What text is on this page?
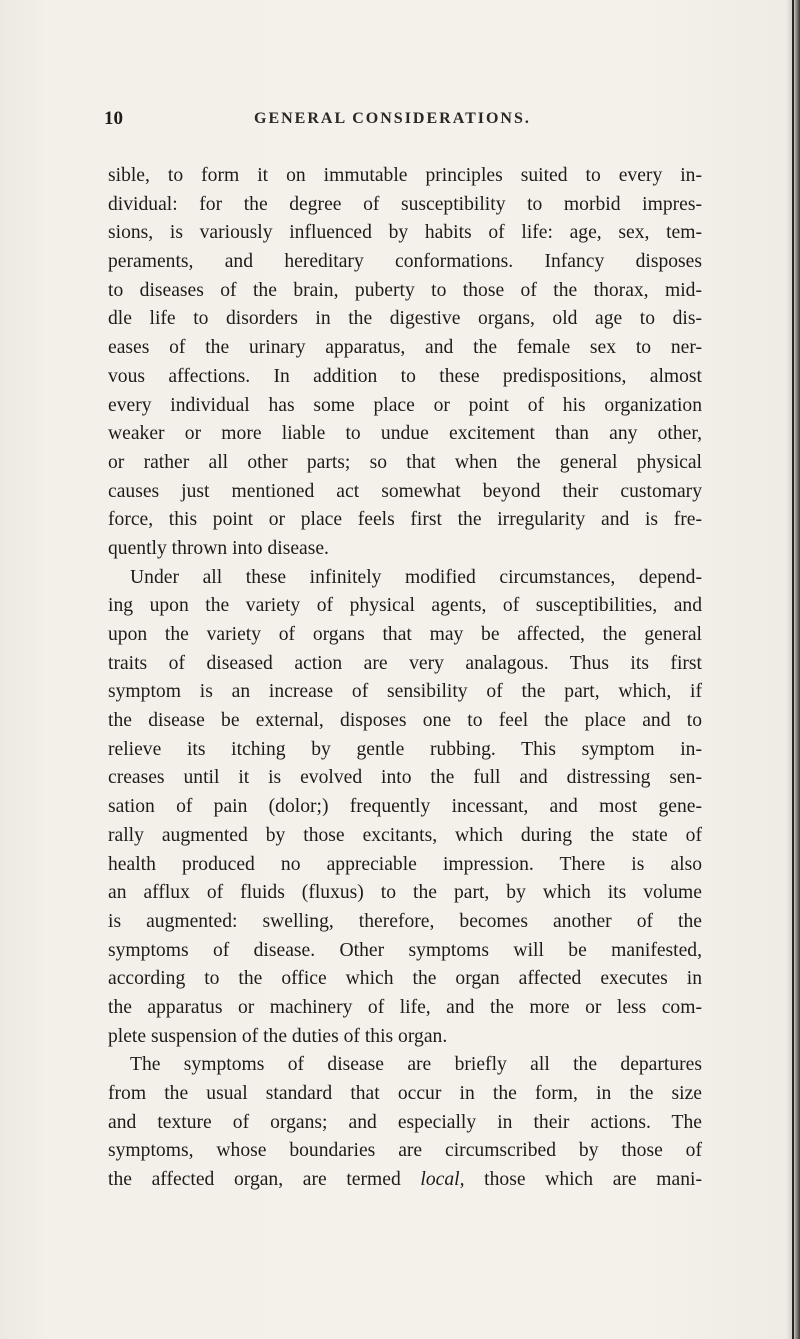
10	GENERAL CONSIDERATIONS.
sible, to form it on immutable principles suited to every in-
dividual: for the degree of susceptibility to morbid impres-
sions, is variously influenced by habits of life: age, sex, tem-
peraments, and hereditary conformations. Infancy disposes
to diseases of the brain, puberty to those of the thorax, mid-
dle life to disorders in the digestive organs, old age to dis-
eases of the urinary apparatus, and the female sex to ner-
vous affections. In addition to these predispositions, almost
every individual has some place or point of his organization
weaker or more liable to undue excitement than any other,
or rather all other parts; so that when the general physical
causes just mentioned act somewhat beyond their customary
force, this point or place feels first the irregularity and is fre-
quently thrown into disease.
Under all these infinitely modified circumstances, depend-
ing upon the variety of physical agents, of susceptibilities, and
upon the variety of organs that may be affected, the general
traits of diseased action are very analagous. Thus its first
symptom is an increase of sensibility of the part, which, if
the disease be external, disposes one to feel the place and to
relieve its itching by gentle rubbing. This symptom in-
creases until it is evolved into the full and distressing sen-
sation of pain (dolor;) frequently incessant, and most gene-
rally augmented by those excitants, which during the state of
health produced no appreciable impression. There is also
an afflux of fluids (fluxus) to the part, by which its volume
is augmented: swelling, therefore, becomes another of the
symptoms of disease. Other symptoms will be manifested,
according to the office which the organ affected executes in
the apparatus or machinery of life, and the more or less com-
plete suspension of the duties of this organ.
The symptoms of disease are briefly all the departures
from the usual standard that occur in the form, in the size
and texture of organs; and especially in their actions. The
symptoms, whose boundaries are circumscribed by those of
the affected organ, are termed local, those which are mani-
